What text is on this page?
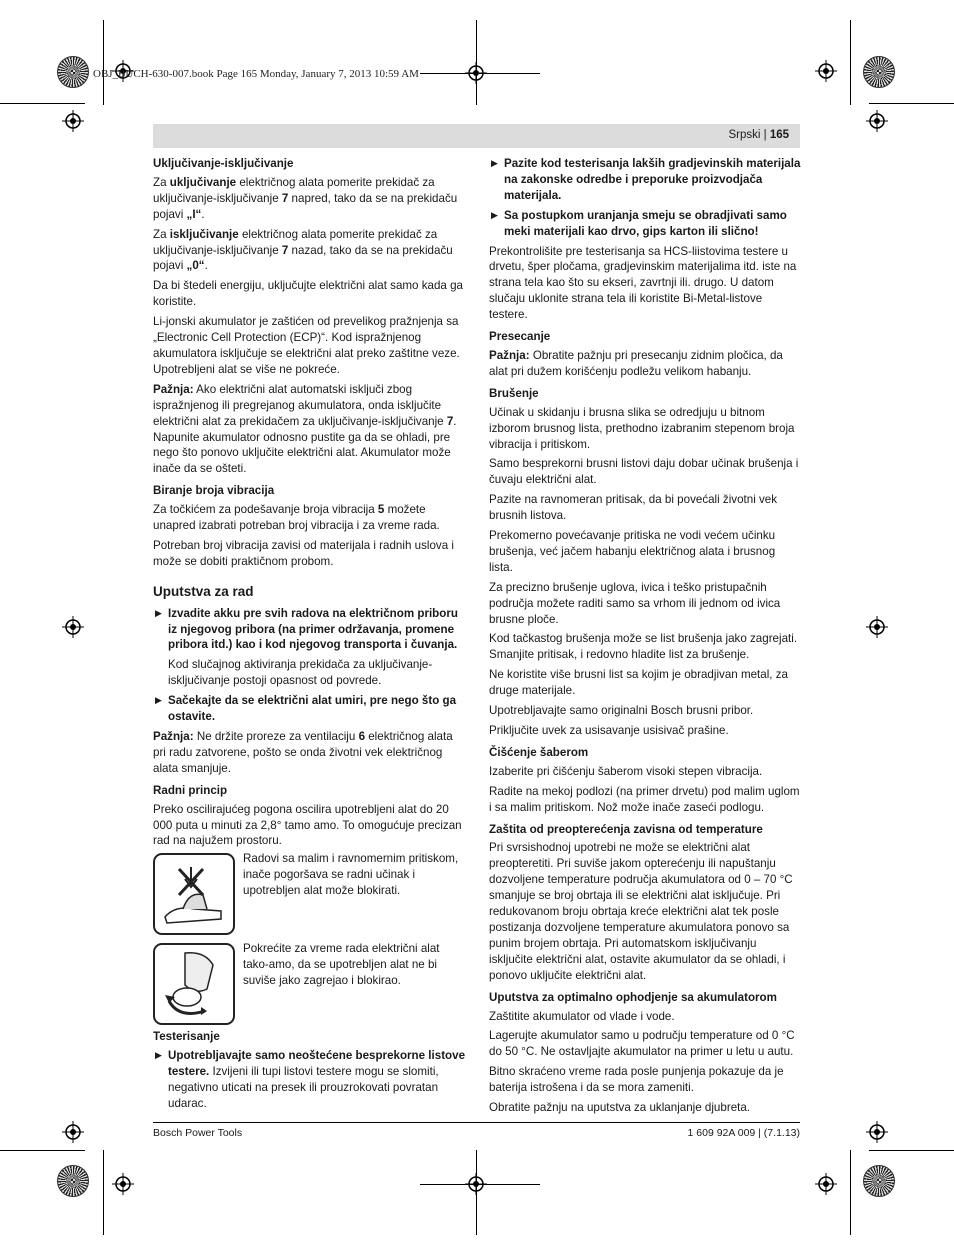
OBJ_BUCH-630-007.book Page 165 Monday, January 7, 2013 10:59 AM
Srpski | 165
Uključivanje-isključivanje

Za uključivanje električnog alata pomerite prekidač za uključivanje-isključivanje 7 napred, tako da se na prekidaču pojavi „I“.

Za isključivanje električnog alata pomerite prekidač za uključivanje-isključivanje 7 nazad, tako da se na prekidaču pojavi „0“.

Da bi štedeli energiju, uključujte električni alat samo kada ga koristite.

Li-jonski akumulator je zaštićen od prevelikog pražnjenja sa „Electronic Cell Protection (ECP)“. Kod ispražnjenog akumulatora isključuje se električni alat preko zaštitne veze. Upotrebljeni alat se više ne pokreće.

Pažnja: Ako električni alat automatski isključi zbog ispražnjenog ili pregrejanog akumulatora, onda isključite električni alat za prekidačem za uključivanje-isključivanje 7. Napunite akumulator odnosno pustite ga da se ohladi, pre nego što ponovo uključite električni alat. Akumulator može inače da se ošteti.

Biranje broja vibracija

Za točkićem za podešavanje broja vibracija 5 možete unapred izabrati potreban broj vibracija i za vreme rada.

Potreban broj vibracija zavisi od materijala i radnih uslova i može se dobiti praktičnom probom.

Uputstva za rad
▶ Izvadite akku pre svih radova na električnom priboru iz njegovog pribora (na primer održavanja, promene pribora itd.) kao i kod njegovog transporta i čuvanja.

Kod slučajnog aktiviranja prekidača za uključivanje-isključivanje postoji opasnost od povrede.

▶ Sačekajte da se električni alat umiri, pre nego što ga ostavite.

Pažnja: Ne držite proreze za ventilaciju 6 električnog alata pri radu zatvorene, pošto se onda životni vek električnog alata smanjuje.

Radni princip

Preko oscilirajućeg pogona oscilira upotrebljeni alat do 20 000 puta u minuti za 2,8° tamo amo. To omogućuje precizan rad na najužem prostoru.

Radovi sa malim i ravnomernim pritiskom, inače pogoršava se radni učinak i upotrebljen alat može blokirati.
Pokrećite za vreme rada električni alat tako-amo, da se upotrebljen alat ne bi suviše jako zagrejao i blokirao.
Testerisanje
▶ Upotrebljavajte samo neoštećene besprekorne listove testere. Izvijeni ili tupi listovi testere mogu se slomiti, negativno uticati na presek ili prouzrokovati povratan udarac.
▶ Pazite kod testerisanja lakših gradjevinskih materijala na zakonske odredbe i preporuke proizvodjača materijala.
▶ Sa postupkom uranjanja smeju se obradjivati samo meki materijali kao drvo, gips karton ili slično!

Prekontrolišite pre testerisanja sa HCS-liistovima testere u drvetu, šper pločama, gradjevinskim materijalima itd. iste na strana tela kao što su ekseri, zavrtnji ili. drugo. U datom slučaju uklonite strana tela ili koristite Bi-Metal-listove testere.

Presecanje

Pažnja: Obratite pažnju pri presecanju zidnim pločica, da alat pri dužem korišćenju podležu velikom habanju.

Brušenje

Učinak u skidanju i brusna slika se odredjuju u bitnom izborom brusnog lista, prethodno izabranim stepenom broja vibracija i pritiskom.

Samo besprekorni brusni listovi daju dobar učinak brušenja i čuvaju električni alat.

Pazite na ravnomeran pritisak, da bi povećali životni vek brusnih listova.

Prekomerno povećavanje pritiska ne vodi većem učinku brušenja, već jačem habanju električnog alata i brusnog lista.

Za precizno brušenje uglova, ivica i teško pristupačnih područja možete raditi samo sa vrhom ili jednom od ivica brusne ploče.

Kod tačkastog brušenja može se list brušenja jako zagrejati. Smanjite pritisak, i redovno hladite list za brušenje.

Ne koristite više brusni list sa kojim je obradjivan metal, za druge materijale.

Upotrebljavajte samo originalni Bosch brusni pribor.

Priključite uvek za usisavanje usisivač prašine.

Čišćenje šaberom

Izaberite pri čišćenju šaberom visoki stepen vibracija.

Radite na mekoj podlozi (na primer drvetu) pod malim uglom i sa malim pritiskom. Nož može inače zaseći podlogu.

Zaštita od preopterećenja zavisna od temperature

Pri svrsishodnoj upotrebi ne može se električni alat preopteretiti. Pri suviše jakom opterećenju ili napuštanju dozvoljene temperature područja akumulatora od 0 – 70 °C smanjuje se broj obrtaja ili se električni alat isključuje. Pri redukovanom broju obrtaja kreće električni alat tek posle postizanja dozvoljene temperature akumulatora ponovo sa punim brojem obrtaja. Pri automatskom isključivanju isključite električni alat, ostavite akumulator da se ohladi, i ponovo uključite električni alat.

Uputstva za optimalno ophodjenje sa akumulatorom

Zaštitite akumulator od vlade i vode.

Lagerujte akumulator samo u području temperature od 0 °C do 50 °C. Ne ostavljajte akumulator na primer u letu u autu.

Bitno skraćeno vreme rada posle punjenja pokazuje da je baterija istrošena i da se mora zameniti.

Obratite pažnju na uputstva za uklanjanje djubreta.

Bosch Power Tools	1 609 92A 009 | (7.1.13)
